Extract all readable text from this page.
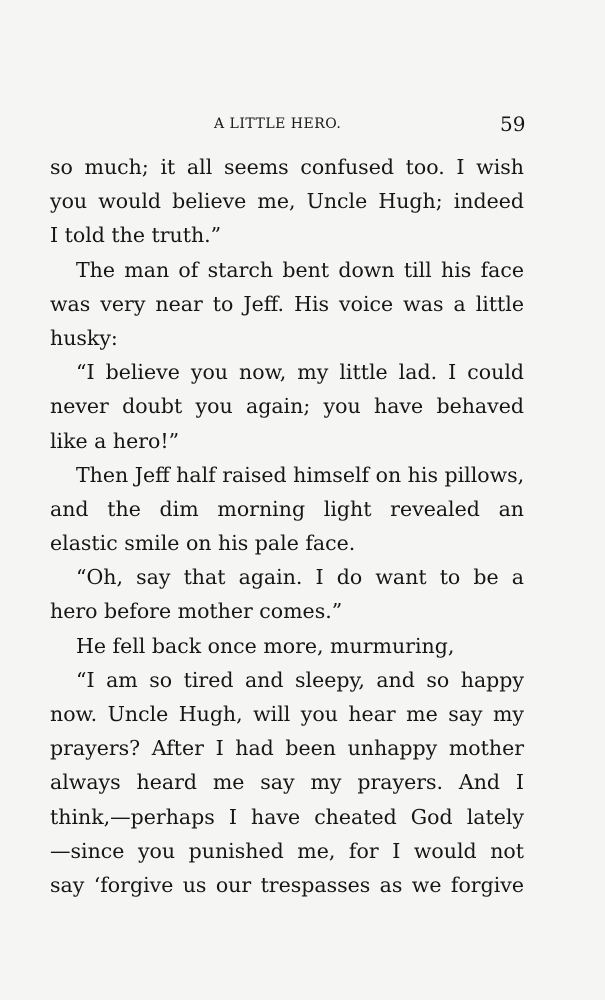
A LITTLE HERO.	59
so much; it all seems confused too. I wish
you would believe me, Uncle Hugh; indeed
I told the truth.”
The man of starch bent down till his face
was very near to Jeff. His voice was a little
husky:
“I believe you now, my little lad. I could
never doubt you again; you have behaved
like a hero!”
Then Jeff half raised himself on his pillows,
and the dim morning light revealed an
elastic smile on his pale face.
“Oh, say that again. I do want to be a
hero before mother comes.”
He fell back once more, murmuring,
“I am so tired and sleepy, and so happy
now. Uncle Hugh, will you hear me say my
prayers? After I had been unhappy mother
always heard me say my prayers. And I
think,—perhaps I have cheated God lately
—since you punished me, for I would not
say ‘forgive us our trespasses as we forgive
